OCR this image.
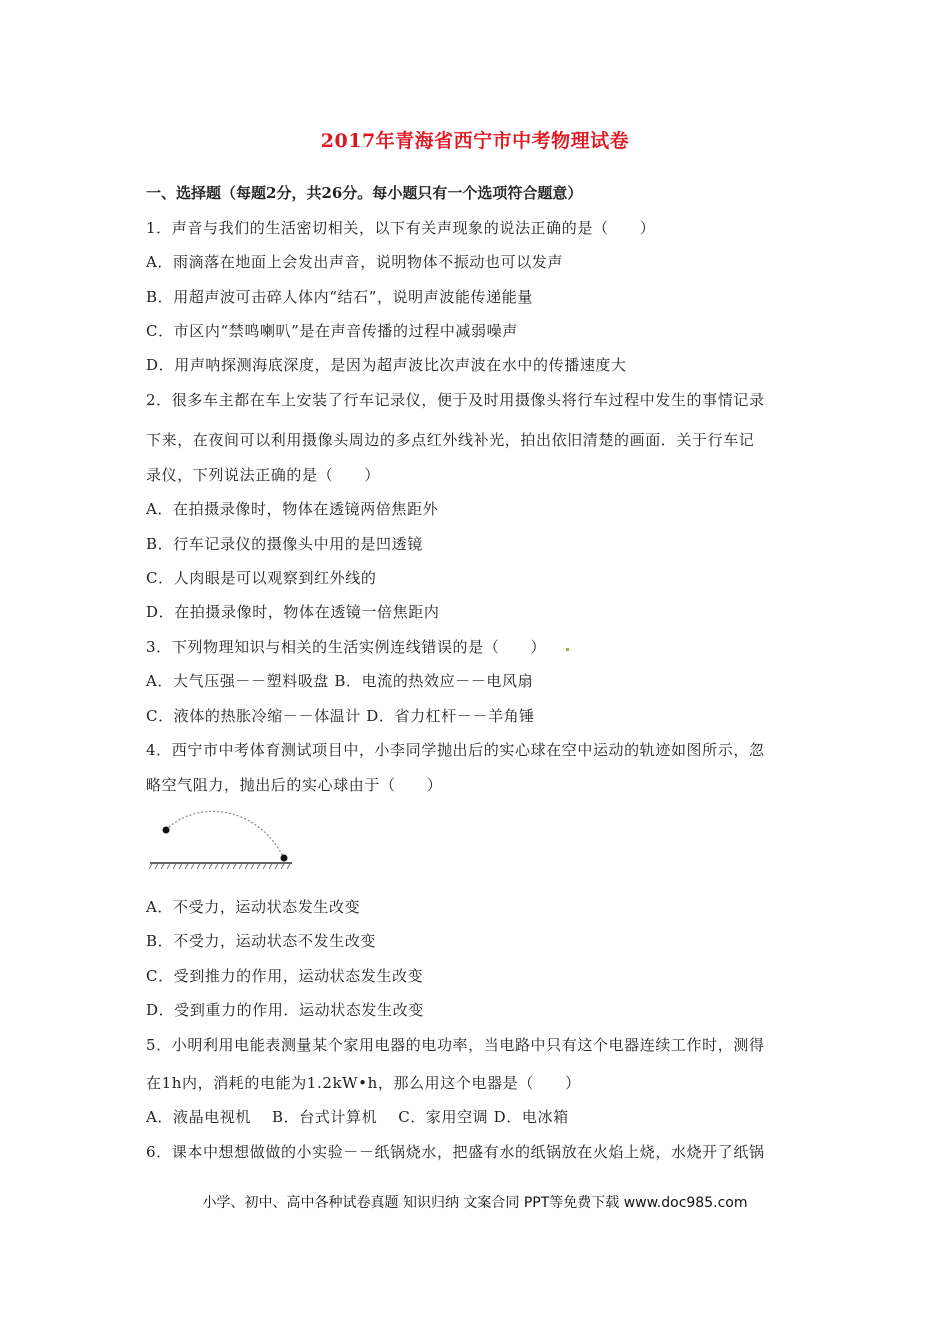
2017年青海省西宁市中考物理试卷
一、选择题（每题2分，共26分。每小题只有一个选项符合题意）
1．声音与我们的生活密切相关，以下有关声现象的说法正确的是（　　）
A．雨滴落在地面上会发出声音，说明物体不振动也可以发声
B．用超声波可击碎人体内“结石”，说明声波能传递能量
C．市区内“禁鸣喇叭”是在声音传播的过程中减弱噪声
D．用声呐探测海底深度，是因为超声波比次声波在水中的传播速度大
2．很多车主都在车上安装了行车记录仪，便于及时用摄像头将行车过程中发生的事情记录
下来，在夜间可以利用摄像头周边的多点红外线补光，拍出依旧清楚的画面．关于行车记
录仪，下列说法正确的是（　　）
A．在拍摄录像时，物体在透镜两倍焦距外
B．行车记录仪的摄像头中用的是凹透镜
C．人肉眼是可以观察到红外线的
D．在拍摄录像时，物体在透镜一倍焦距内
3．下列物理知识与相关的生活实例连线错误的是（　　）
A．大气压强－－塑料吸盘 B．电流的热效应－－电风扇
C．液体的热胀冷缩－－体温计 D．省力杠杆－－羊角锤
4．西宁市中考体育测试项目中，小李同学抛出后的实心球在空中运动的轨迹如图所示，忽
略空气阻力，抛出后的实心球由于（　　）
A．不受力，运动状态发生改变
B．不受力，运动状态不发生改变
C．受到推力的作用，运动状态发生改变
D．受到重力的作用．运动状态发生改变
5．小明利用电能表测量某个家用电器的电功率，当电路中只有这个电器连续工作时，测得
在1h内，消耗的电能为1.2kW•h，那么用这个电器是（　　）
A．液晶电视机　 B．台式计算机　 C．家用空调 D．电冰箱
6．课本中想想做做的小实验－－纸锅烧水，把盛有水的纸锅放在火焰上烧，水烧开了纸锅
小学、初中、高中各种试卷真题 知识归纳 文案合同 PPT等免费下载 www.doc985.com
